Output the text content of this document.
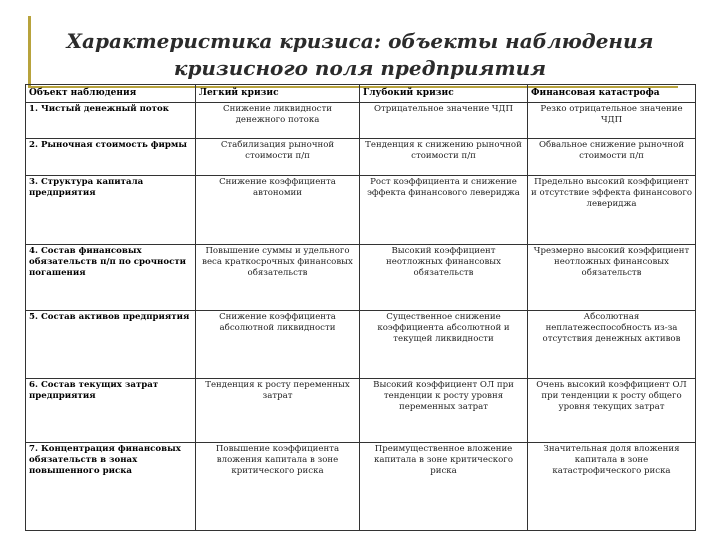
Характеристика кризиса: объекты наблюдения
кризисного поля предприятия
Объект наблюдения	Легкий кризис	Глубокий кризис	Финансовая катастрофа
1. Чистый денежный поток	Снижение ликвидности денежного потока	Отрицательное значение ЧДП	Резко отрицательное значение ЧДП
2. Рыночная стоимость фирмы	Стабилизация рыночной стоимости п/п	Тенденция к снижению рыночной стоимости п/п	Обвальное снижение рыночной стоимости п/п
3. Структура капитала предприятия	Снижение коэффициента автономии	Рост коэффициента и снижение эффекта финансового левериджа	Предельно высокий коэффициент и отсутствие эффекта финансового левериджа
4. Состав финансовых обязательств п/п по срочности погашения	Повышение суммы и удельного веса краткосрочных финансовых обязательств	Высокий коэффициент неотложных финансовых обязательств	Чрезмерно высокий коэффициент неотложных финансовых обязательств
5. Состав активов предприятия	Снижение коэффициента абсолютной ликвидности	Существенное снижение коэффициента абсолютной и текущей ликвидности	Абсолютная неплатежеспособность из-за отсутствия денежных активов
6. Состав текущих затрат предприятия	Тенденция к росту переменных затрат	Высокий коэффициент ОЛ при тенденции к росту уровня переменных затрат	Очень высокий коэффициент ОЛ при тенденции к росту общего уровня текущих затрат
7. Концентрация финансовых обязательств в зонах повышенного риска	Повышение коэффициента вложения капитала в зоне критического риска	Преимущественное вложение капитала в зоне критического риска	Значительная доля вложения капитала в зоне катастрофического риска
